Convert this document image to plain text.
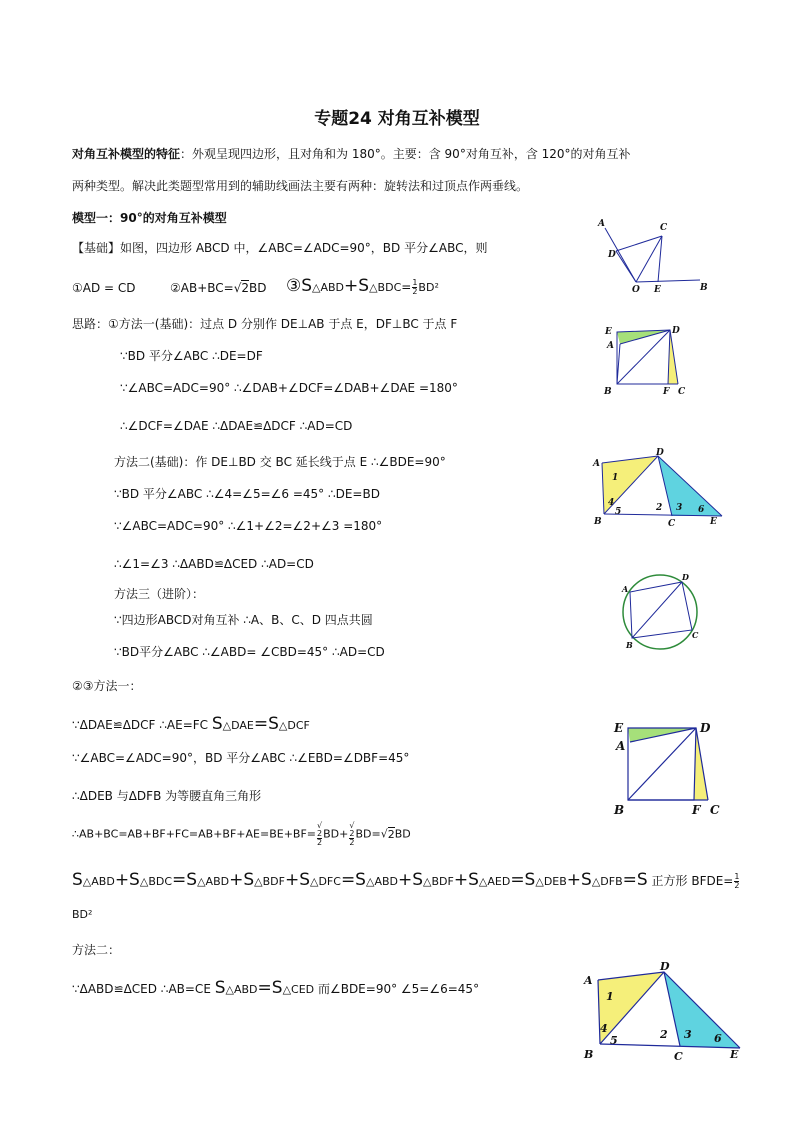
专题24 对角互补模型
对角互补模型的特征：外观呈现四边形，且对角和为 180°。主要：含 90°对角互补，含 120°的对角互补
两种类型。解决此类题型常用到的辅助线画法主要有两种：旋转法和过顶点作两垂线。
模型一：90°的对角互补模型
【基础】如图，四边形 ABCD 中，∠ABC=∠ADC=90°，BD 平分∠ABC，则
①AD = CD	②AB+BC=√2BD ③S△ABD+S△BDC= $\frac{1}{2} BD^2$
思路：①方法一(基础)：过点 D 分别作 DE⊥AB 于点 E，DF⊥BC 于点 F
∵BD 平分∠ABC ∴DE=DF
∵∠ABC=ADC=90° ∴∠DAB+∠DCF=∠DAB+∠DAE =180°
∴∠DCF=∠DAE ∴ΔDAE≌ΔDCF ∴AD=CD
方法二(基础)：作 DE⊥BD 交 BC 延长线于点 E ∴∠BDE=90°
∵BD 平分∠ABC ∴∠4=∠5=∠6 =45° ∴DE=BD
∵∠ABC=ADC=90° ∴∠1+∠2=∠2+∠3 =180°
∴∠1=∠3 ∴ΔABD≌ΔCED ∴AD=CD
方法三（进阶）：
∵四边形ABCD对角互补 ∴A、B、C、D 四点共圆
∵BD平分∠ABC ∴∠ABD= ∠CBD=45° ∴AD=CD
②③方法一：
∵ΔDAE≌ΔDCF ∴AE=FC S△DAE=S△DCF
∵∠ABC=∠ADC=90°，BD 平分∠ABC ∴∠EBD=∠DBF=45°
∴ΔDEB 与ΔDFB 为等腰直角三角形
∴AB+BC=AB+BF+FC=AB+BF+AE=BE+BF= √
2
2 BD+ √
2
2 BD=√2BD
S△ABD+S△BDC=S△ABD+S△BDF+S△DFC=S△ABD+S△BDF+S△AED=S△DEB+S△DFB=S 正方形 BFDE= $\frac{1}{2}$
BD²
方法二：
∵ΔABD≌ΔCED ∴AB=CE S△ABD=S△CED 而∠BDE=90° ∠5=∠6=45°
A	C
D
O E	B
E	D
A
B	F C
A
D
1
4
5	2 3 6
B	C	E
A
D
B
C
E	D
A
B	F C
A
D
1
4
5	2 3 6
B	C	E
